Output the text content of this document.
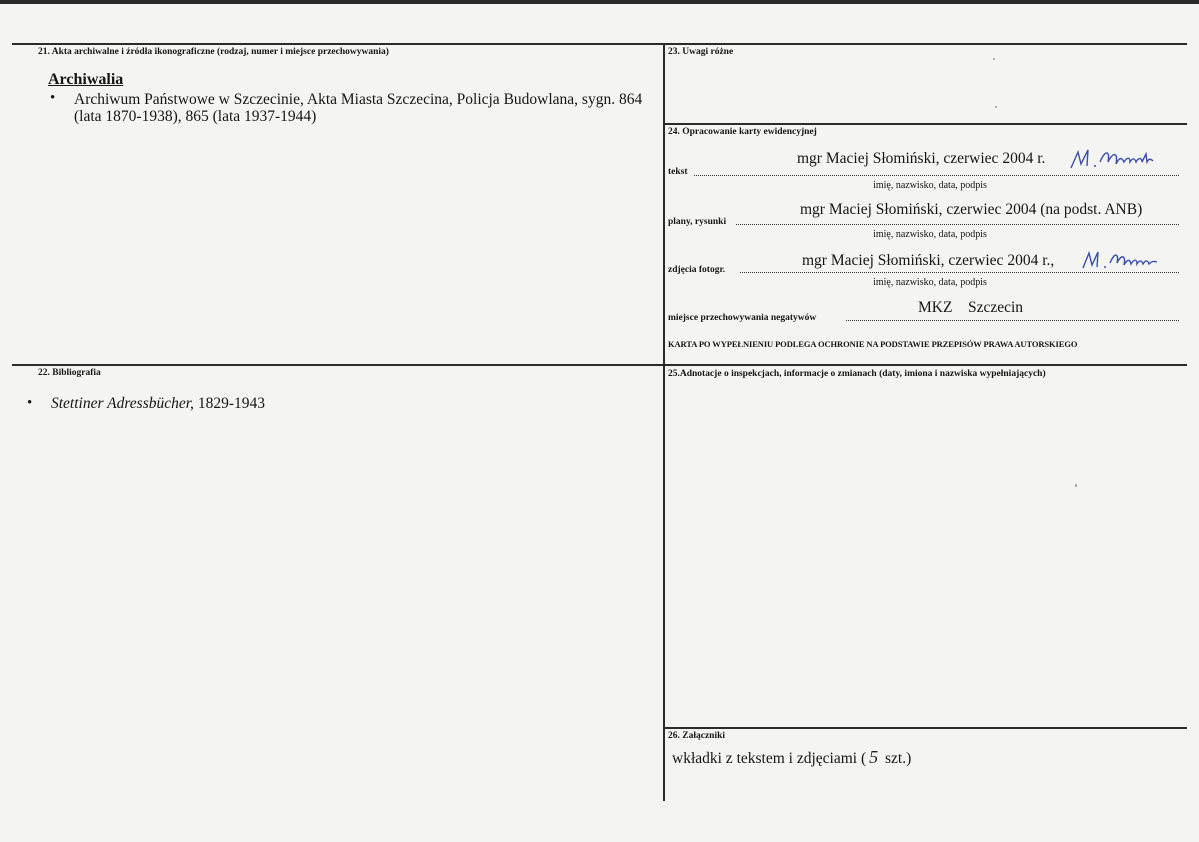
21. Akta archiwalne i źródła ikonograficzne (rodzaj, numer i miejsce przechowywania)
Archiwalia
• Archiwum Państwowe w Szczecinie, Akta Miasta Szczecina, Policja Budowlana, sygn. 864
(lata 1870-1938), 865 (lata 1937-1944)
22. Bibliografia
• Stettiner Adressbücher, 1829-1943
23. Uwagi różne
24. Opracowanie karty ewidencyjnej
tekst
mgr Maciej Słomiński, czerwiec 2004 r.
imię, nazwisko, data, podpis
plany, rysunki
mgr Maciej Słomiński, czerwiec 2004 (na podst. ANB)
imię, nazwisko, data, podpis
zdjęcia fotogr.
mgr Maciej Słomiński, czerwiec 2004 r.,
imię, nazwisko, data, podpis
miejsce przechowywania negatywów
MKZ    Szczecin
KARTA PO WYPEŁNIENIU PODLEGA OCHRONIE NA PODSTAWIE PRZEPISÓW PRAWA AUTORSKIEGO
25.Adnotacje o inspekcjach, informacje o zmianach (daty, imiona i nazwiska wypełniających)
26. Załączniki
wkładki z tekstem i zdjęciami ( 5 szt.)
